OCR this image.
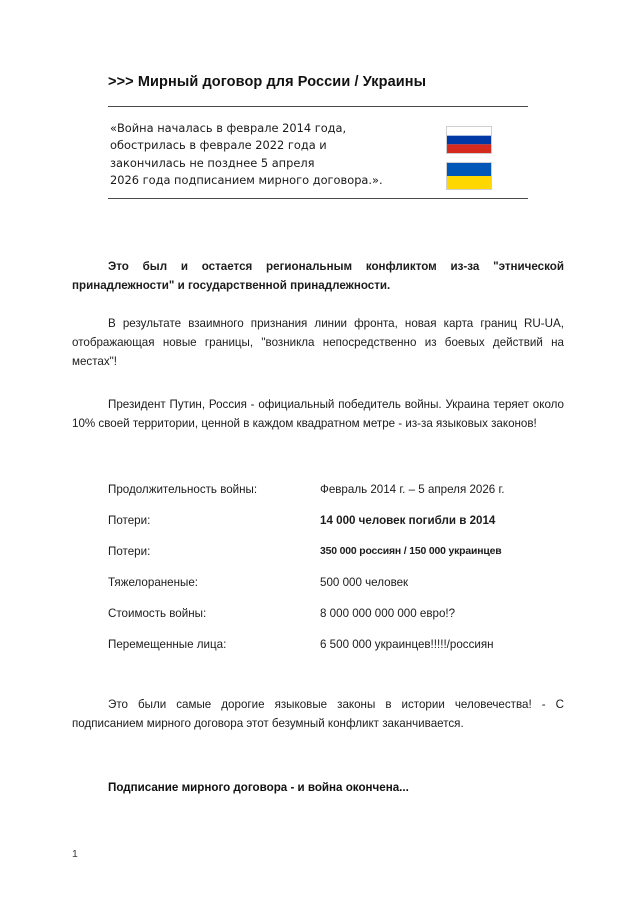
>>> Мирный договор для России / Украины
«Война началась в феврале 2014 года,
обострилась в феврале 2022 года и
закончилась не позднее 5 апреля
2026 года подписанием мирного договора.».

Это был и остается региональным конфликтом из-за "этнической принадлежности" и государственной принадлежности.

В результате взаимного признания линии фронта, новая карта границ RU-UA, отображающая новые границы, "возникла непосредственно из боевых действий на местах"!

Президент Путин, Россия - официальный победитель войны. Украина теряет около 10% своей территории, ценной в каждом квадратном метре - из-за языковых законов!

Продолжительность войны:	Февраль 2014 г. – 5 апреля 2026 г.
Потери:	14 000 человек погибли в 2014
Потери:	350 000 россиян / 150 000 украинцев
Тяжелораненые:	500 000 человек
Стоимость войны:	8 000 000 000 000 евро!?
Перемещенные лица:	6 500 000 украинцев!!!!!/россиян

Это были самые дорогие языковые законы в истории человечества! - С подписанием мирного договора этот безумный конфликт заканчивается.

Подписание мирного договора - и война окончена...

1
